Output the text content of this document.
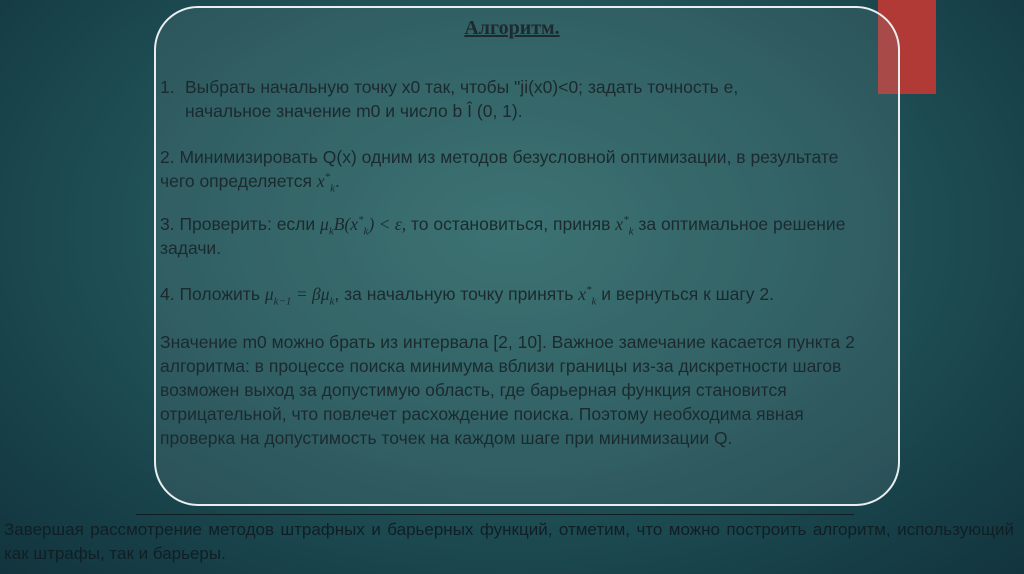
Алгоритм.
1. Выбрать начальную точку x0 так, чтобы "ji(x0)<0; задать точность е,
начальное значение m0 и число b Î (0, 1).
2. Минимизировать Q(x) одним из методов безусловной оптимизации, в результате чего определяется $x^*_k$.
3. Проверить: если $\mu_kB(x^*_k) < \varepsilon$, то остановиться, приняв $x^*_k$ за оптимальное решение задачи.
4. Положить $\mu_{k-1} = \beta\mu_k$, за начальную точку принять $x^*_k$ и вернуться к шагу 2.
Значение m0 можно брать из интервала [2, 10]. Важное замечание касается пункта 2 алгоритма: в процессе поиска минимума вблизи границы из-за дискретности шагов возможен выход за допустимую область, где барьерная функция становится отрицательной, что повлечет расхождение поиска. Поэтому необходима явная проверка на допустимость точек на каждом шаге при минимизации Q.
Завершая рассмотрение методов штрафных и барьерных функций, отметим, что можно построить алгоритм, использующий как штрафы, так и барьеры.
